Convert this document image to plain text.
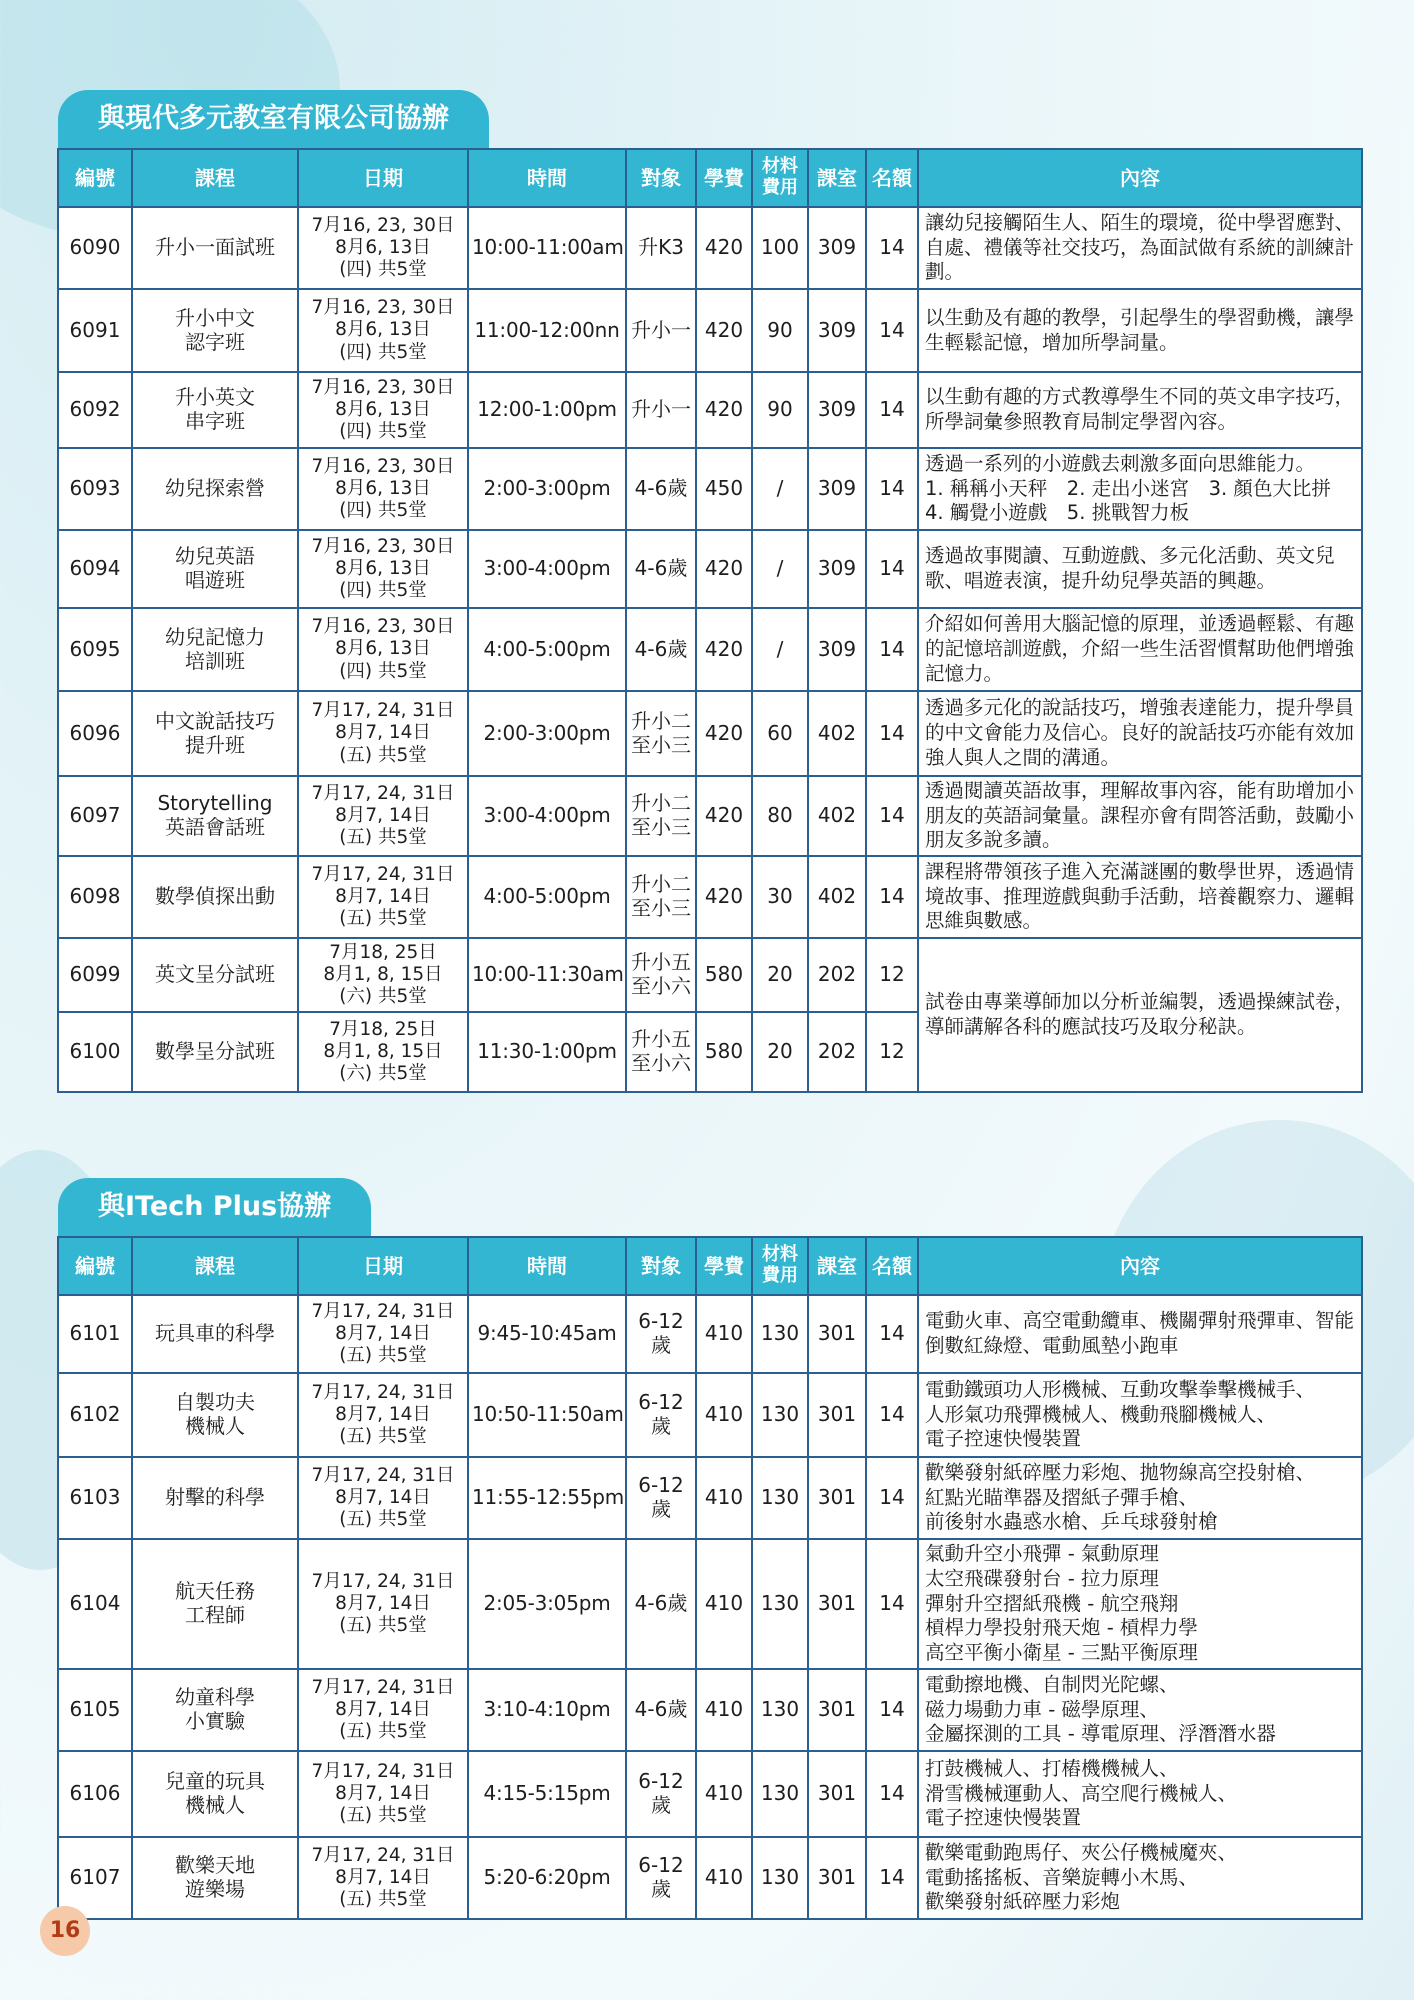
與現代多元教室有限公司協辦
編號	課程	日期	時間	對象	學費	材料
費用	課室	名額	內容
6090	升小一面試班	7月16, 23, 30日
8月6, 13日
(四) 共5堂	10:00-11:00am	升K3	420	100	309	14	讓幼兒接觸陌生人、陌生的環境，從中學習應對、自處、禮儀等社交技巧，為面試做有系統的訓練計劃。
6091	升小中文
認字班	7月16, 23, 30日
8月6, 13日
(四) 共5堂	11:00-12:00nn	升小一	420	90	309	14	以生動及有趣的教學，引起學生的學習動機，讓學生輕鬆記憶，增加所學詞量。
6092	升小英文
串字班	7月16, 23, 30日
8月6, 13日
(四) 共5堂	12:00-1:00pm	升小一	420	90	309	14	以生動有趣的方式教導學生不同的英文串字技巧，所學詞彙參照教育局制定學習內容。
6093	幼兒探索營	7月16, 23, 30日
8月6, 13日
(四) 共5堂	2:00-3:00pm	4-6歲	450	/	309	14	透過一系列的小遊戲去刺激多面向思維能力。
1. 稱稱小天秤　2. 走出小迷宮　3. 顏色大比拼
4. 觸覺小遊戲　5. 挑戰智力板
6094	幼兒英語
唱遊班	7月16, 23, 30日
8月6, 13日
(四) 共5堂	3:00-4:00pm	4-6歲	420	/	309	14	透過故事閱讀、互動遊戲、多元化活動、英文兒歌、唱遊表演，提升幼兒學英語的興趣。
6095	幼兒記憶力
培訓班	7月16, 23, 30日
8月6, 13日
(四) 共5堂	4:00-5:00pm	4-6歲	420	/	309	14	介紹如何善用大腦記憶的原理，並透過輕鬆、有趣的記憶培訓遊戲，介紹一些生活習慣幫助他們增強記憶力。
6096	中文說話技巧
提升班	7月17, 24, 31日
8月7, 14日
(五) 共5堂	2:00-3:00pm	升小二
至小三	420	60	402	14	透過多元化的說話技巧，增強表達能力，提升學員的中文會能力及信心。良好的說話技巧亦能有效加強人與人之間的溝通。
6097	Storytelling
英語會話班	7月17, 24, 31日
8月7, 14日
(五) 共5堂	3:00-4:00pm	升小二
至小三	420	80	402	14	透過閱讀英語故事，理解故事內容，能有助增加小朋友的英語詞彙量。課程亦會有問答活動，鼓勵小朋友多說多讀。
6098	數學偵探出動	7月17, 24, 31日
8月7, 14日
(五) 共5堂	4:00-5:00pm	升小二
至小三	420	30	402	14	課程將帶領孩子進入充滿謎團的數學世界，透過情境故事、推理遊戲與動手活動，培養觀察力、邏輯思維與數感。
6099	英文呈分試班	7月18, 25日
8月1, 8, 15日
(六) 共5堂	10:00-11:30am	升小五
至小六	580	20	202	12	試卷由專業導師加以分析並編製，透過操練試卷，導師講解各科的應試技巧及取分秘訣。
6100	數學呈分試班	7月18, 25日
8月1, 8, 15日
(六) 共5堂	11:30-1:00pm	升小五
至小六	580	20	202	12	
與ITech Plus協辦
編號	課程	日期	時間	對象	學費	材料
費用	課室	名額	內容
6101	玩具車的科學	7月17, 24, 31日
8月7, 14日
(五) 共5堂	9:45-10:45am	6-12歲	410	130	301	14	電動火車、高空電動纜車、機關彈射飛彈車、智能倒數紅綠燈、電動風墊小跑車
6102	自製功夫
機械人	7月17, 24, 31日
8月7, 14日
(五) 共5堂	10:50-11:50am	6-12歲	410	130	301	14	電動鐵頭功人形機械、互動攻擊拳擊機械手、
人形氣功飛彈機械人、機動飛腳機械人、
電子控速快慢裝置
6103	射擊的科學	7月17, 24, 31日
8月7, 14日
(五) 共5堂	11:55-12:55pm	6-12歲	410	130	301	14	歡樂發射紙碎壓力彩炮、拋物線高空投射槍、
紅點光瞄準器及摺紙子彈手槍、
前後射水蟲惑水槍、乒乓球發射槍
6104	航天任務
工程師	7月17, 24, 31日
8月7, 14日
(五) 共5堂	2:05-3:05pm	4-6歲	410	130	301	14	氣動升空小飛彈 - 氣動原理
太空飛碟發射台 - 拉力原理
彈射升空摺紙飛機 - 航空飛翔
槓桿力學投射飛天炮 - 槓桿力學
高空平衡小衛星 - 三點平衡原理
6105	幼童科學
小實驗	7月17, 24, 31日
8月7, 14日
(五) 共5堂	3:10-4:10pm	4-6歲	410	130	301	14	電動擦地機、自制閃光陀螺、
磁力場動力車 - 磁學原理、
金屬探測的工具 - 導電原理、浮潛潛水器
6106	兒童的玩具
機械人	7月17, 24, 31日
8月7, 14日
(五) 共5堂	4:15-5:15pm	6-12歲	410	130	301	14	打鼓機械人、打樁機機械人、
滑雪機械運動人、高空爬行機械人、
電子控速快慢裝置
6107	歡樂天地
遊樂場	7月17, 24, 31日
8月7, 14日
(五) 共5堂	5:20-6:20pm	6-12歲	410	130	301	14	歡樂電動跑馬仔、夾公仔機械魔夾、
電動搖搖板、音樂旋轉小木馬、
歡樂發射紙碎壓力彩炮
16
